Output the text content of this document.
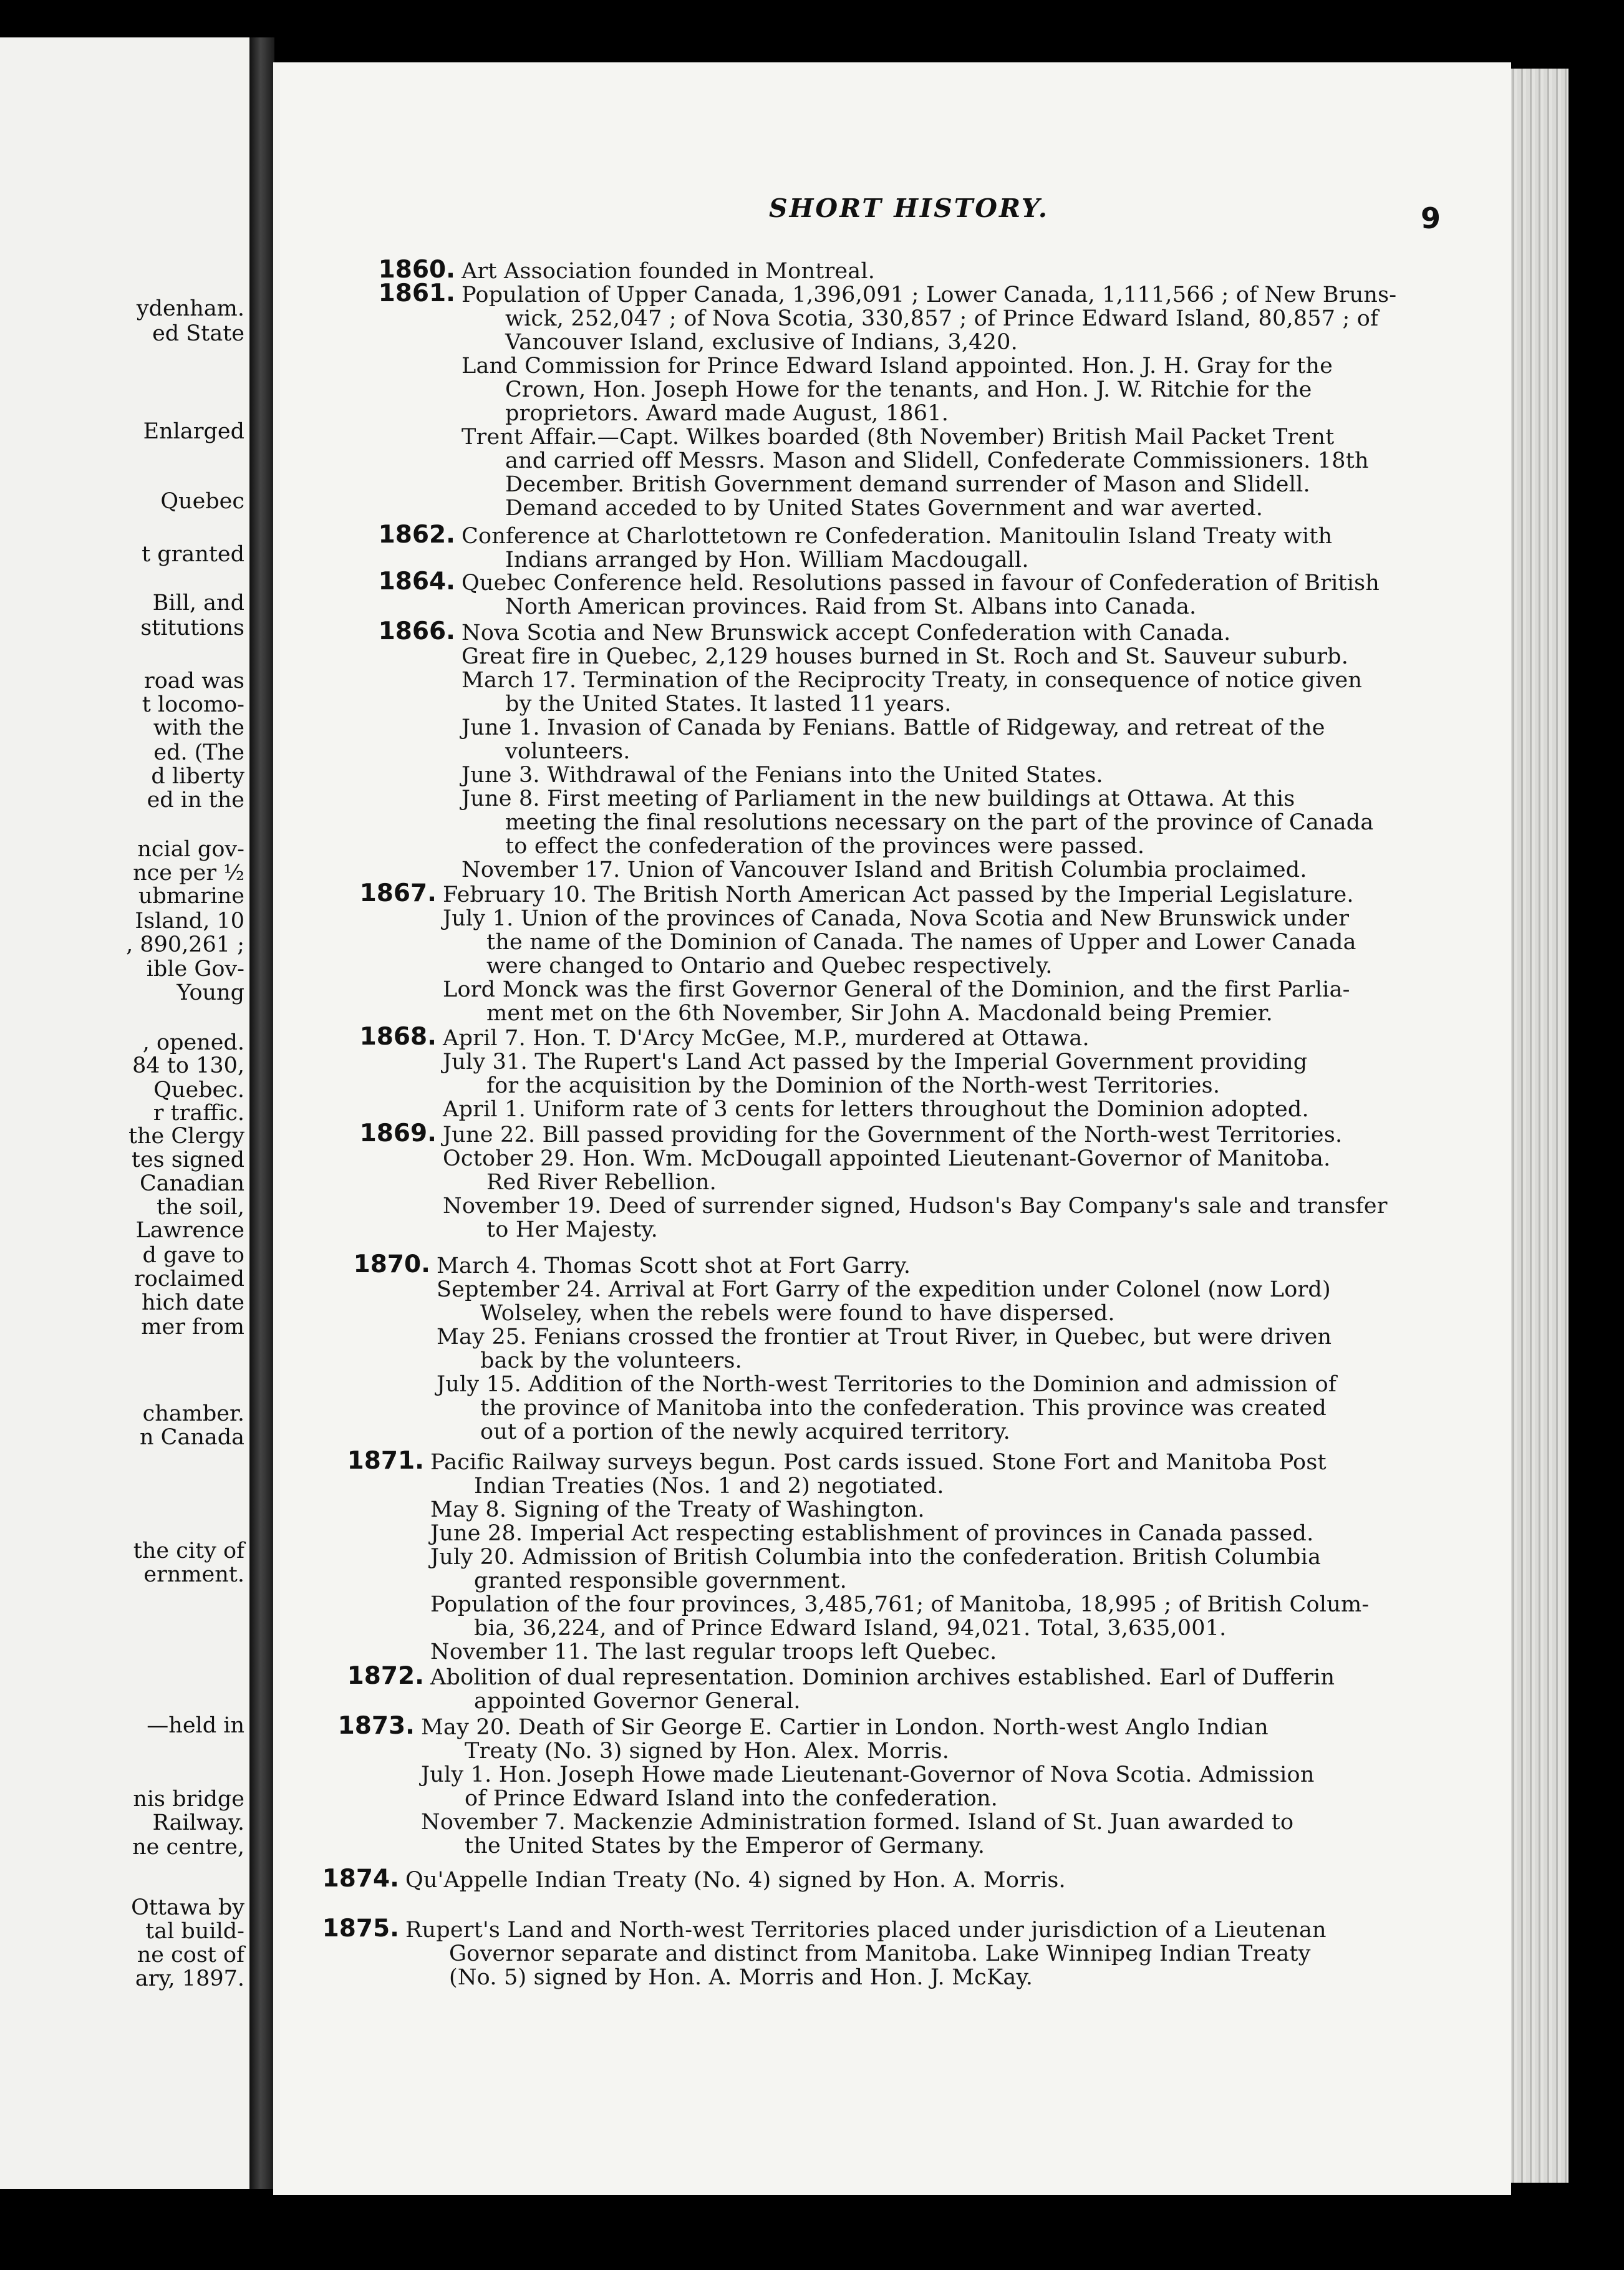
ydenham.
ed State
Enlarged
Quebec
t granted
Bill, and
stitutions
road was
t locomo-
with the
ed. (The
d liberty
ed in the
ncial gov-
nce per ½
ubmarine
Island, 10
, 890,261 ;
ible Gov-
Young
, opened.
84 to 130,
Quebec.
r traffic.
the Clergy
tes signed
Canadian
the soil,
Lawrence
d gave to
roclaimed
hich date
mer from
chamber.
n Canada
the city of
ernment.
—held in
nis bridge
Railway.
ne centre,
Ottawa by
tal build-
ne cost of
ary, 1897.
SHORT HISTORY.	9
1860. Art Association founded in Montreal.
1861. Population of Upper Canada, 1,396,091 ; Lower Canada, 1,111,566 ; of New Bruns-
wick, 252,047 ; of Nova Scotia, 330,857 ; of Prince Edward Island, 80,857 ; of
Vancouver Island, exclusive of Indians, 3,420.
Land Commission for Prince Edward Island appointed. Hon. J. H. Gray for the
Crown, Hon. Joseph Howe for the tenants, and Hon. J. W. Ritchie for the
proprietors. Award made August, 1861.
Trent Affair.—Capt. Wilkes boarded (8th November) British Mail Packet Trent
and carried off Messrs. Mason and Slidell, Confederate Commissioners. 18th
December. British Government demand surrender of Mason and Slidell.
Demand acceded to by United States Government and war averted.
1862. Conference at Charlottetown re Confederation. Manitoulin Island Treaty with
Indians arranged by Hon. William Macdougall.
1864. Quebec Conference held. Resolutions passed in favour of Confederation of British
North American provinces. Raid from St. Albans into Canada.
1866. Nova Scotia and New Brunswick accept Confederation with Canada.
Great fire in Quebec, 2,129 houses burned in St. Roch and St. Sauveur suburb.
March 17. Termination of the Reciprocity Treaty, in consequence of notice given
by the United States. It lasted 11 years.
June 1. Invasion of Canada by Fenians. Battle of Ridgeway, and retreat of the
volunteers.
June 3. Withdrawal of the Fenians into the United States.
June 8. First meeting of Parliament in the new buildings at Ottawa. At this
meeting the final resolutions necessary on the part of the province of Canada
to effect the confederation of the provinces were passed.
November 17. Union of Vancouver Island and British Columbia proclaimed.
1867. February 10. The British North American Act passed by the Imperial Legislature.
July 1. Union of the provinces of Canada, Nova Scotia and New Brunswick under
the name of the Dominion of Canada. The names of Upper and Lower Canada
were changed to Ontario and Quebec respectively.
Lord Monck was the first Governor General of the Dominion, and the first Parlia-
ment met on the 6th November, Sir John A. Macdonald being Premier.
1868. April 7. Hon. T. D'Arcy McGee, M.P., murdered at Ottawa.
July 31. The Rupert's Land Act passed by the Imperial Government providing
for the acquisition by the Dominion of the North-west Territories.
April 1. Uniform rate of 3 cents for letters throughout the Dominion adopted.
1869. June 22. Bill passed providing for the Government of the North-west Territories.
October 29. Hon. Wm. McDougall appointed Lieutenant-Governor of Manitoba.
Red River Rebellion.
November 19. Deed of surrender signed, Hudson's Bay Company's sale and transfer
to Her Majesty.
1870. March 4. Thomas Scott shot at Fort Garry.
September 24. Arrival at Fort Garry of the expedition under Colonel (now Lord)
Wolseley, when the rebels were found to have dispersed.
May 25. Fenians crossed the frontier at Trout River, in Quebec, but were driven
back by the volunteers.
July 15. Addition of the North-west Territories to the Dominion and admission of
the province of Manitoba into the confederation. This province was created
out of a portion of the newly acquired territory.
1871. Pacific Railway surveys begun. Post cards issued. Stone Fort and Manitoba Post
Indian Treaties (Nos. 1 and 2) negotiated.
May 8. Signing of the Treaty of Washington.
June 28. Imperial Act respecting establishment of provinces in Canada passed.
July 20. Admission of British Columbia into the confederation. British Columbia
granted responsible government.
Population of the four provinces, 3,485,761; of Manitoba, 18,995 ; of British Colum-
bia, 36,224, and of Prince Edward Island, 94,021. Total, 3,635,001.
November 11. The last regular troops left Quebec.
1872. Abolition of dual representation. Dominion archives established. Earl of Dufferin
appointed Governor General.
1873. May 20. Death of Sir George E. Cartier in London. North-west Anglo Indian
Treaty (No. 3) signed by Hon. Alex. Morris.
July 1. Hon. Joseph Howe made Lieutenant-Governor of Nova Scotia. Admission
of Prince Edward Island into the confederation.
November 7. Mackenzie Administration formed. Island of St. Juan awarded to
the United States by the Emperor of Germany.
1874. Qu'Appelle Indian Treaty (No. 4) signed by Hon. A. Morris.
1875. Rupert's Land and North-west Territories placed under jurisdiction of a Lieutenan
Governor separate and distinct from Manitoba. Lake Winnipeg Indian Treaty
(No. 5) signed by Hon. A. Morris and Hon. J. McKay.
